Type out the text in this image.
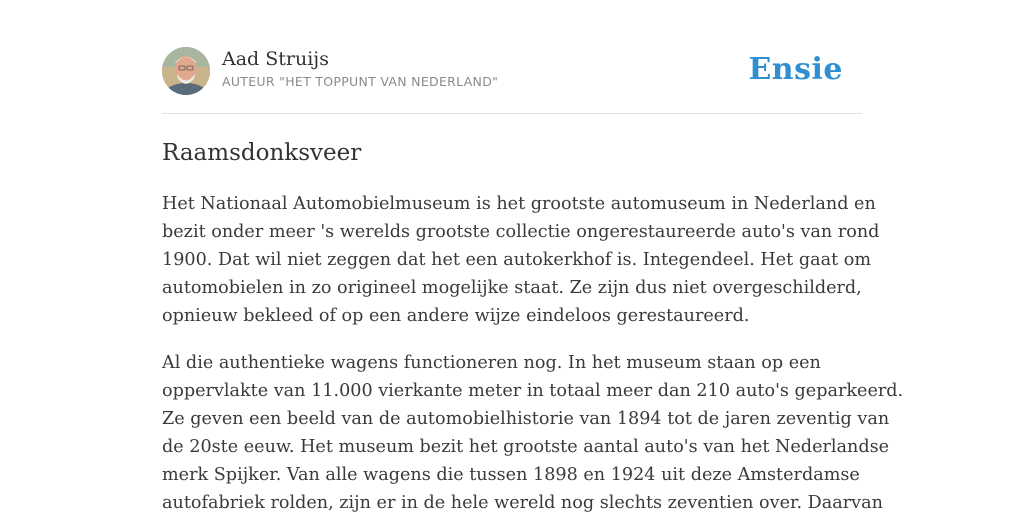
Aad Struijs
AUTEUR "HET TOPPUNT VAN NEDERLAND"	Ensie
Raamsdonksveer

Het Nationaal Automobielmuseum is het grootste automuseum in Nederland en
bezit onder meer 's werelds grootste collectie ongerestaureerde auto's van rond
1900. Dat wil niet zeggen dat het een autokerkhof is. Integendeel. Het gaat om
automobielen in zo origineel mogelijke staat. Ze zijn dus niet overgeschilderd,
opnieuw bekleed of op een andere wijze eindeloos gerestaureerd.

Al die authentieke wagens functioneren nog. In het museum staan op een
oppervlakte van 11.000 vierkante meter in totaal meer dan 210 auto's geparkeerd.
Ze geven een beeld van de automobielhistorie van 1894 tot de jaren zeventig van
de 20ste eeuw. Het museum bezit het grootste aantal auto's van het Nederlandse
merk Spijker. Van alle wagens die tussen 1898 en 1924 uit deze Amsterdamse
autofabriek rolden, zijn er in de hele wereld nog slechts zeventien over. Daarvan
